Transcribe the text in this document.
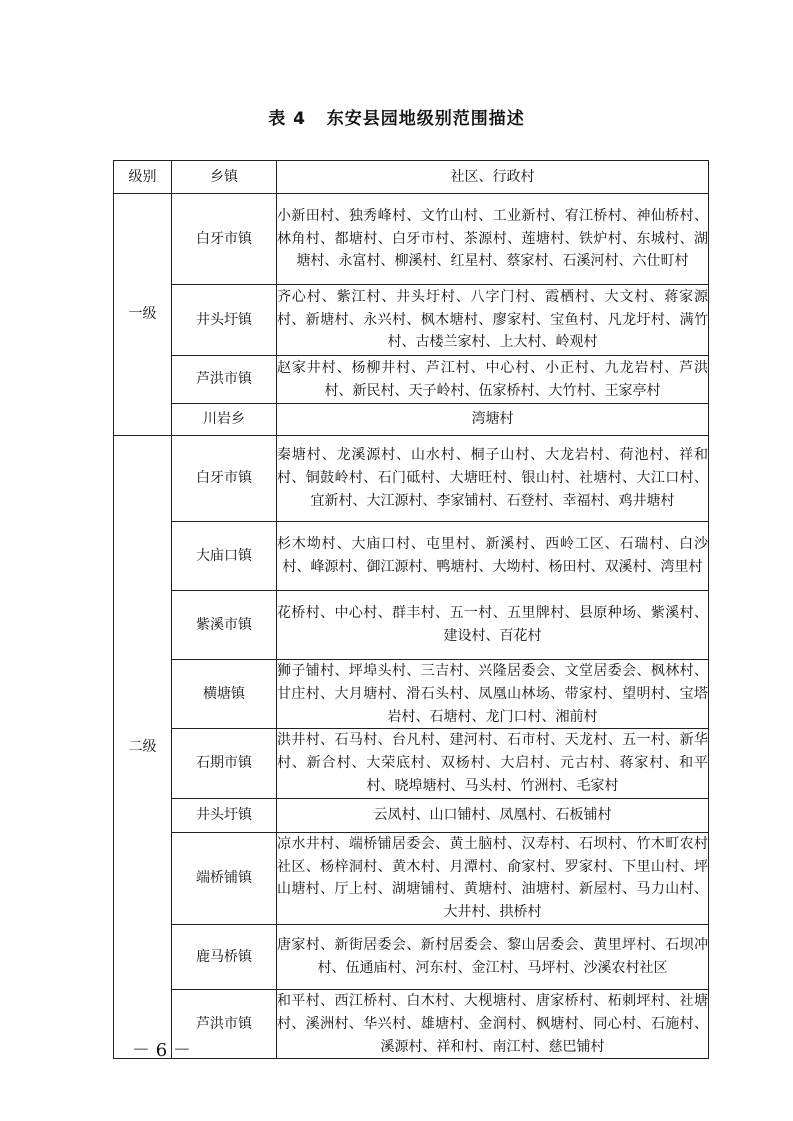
表 4   东安县园地级别范围描述
级别	乡镇	社区、行政村
一级	白牙市镇	小新田村、独秀峰村、文竹山村、工业新村、宥江桥村、神仙桥村、林角村、都塘村、白牙市村、茶源村、莲塘村、铁炉村、东城村、湖塘村、永富村、柳溪村、红星村、蔡家村、石溪河村、六仕町村
	井头圩镇	齐心村、紫江村、井头圩村、八字门村、霞栖村、大文村、蒋家源村、新塘村、永兴村、枫木塘村、廖家村、宝鱼村、凡龙圩村、满竹村、古楼兰家村、上大村、岭观村
	芦洪市镇	赵家井村、杨柳井村、芦江村、中心村、小正村、九龙岩村、芦洪村、新民村、天子岭村、伍家桥村、大竹村、王家亭村
	川岩乡	湾塘村
二级	白牙市镇	秦塘村、龙溪源村、山水村、桐子山村、大龙岩村、荷池村、祥和村、铜鼓岭村、石门砥村、大塘旺村、银山村、社塘村、大江口村、宜新村、大江源村、李家铺村、石登村、幸福村、鸡井塘村
	大庙口镇	杉木坳村、大庙口村、屯里村、新溪村、西岭工区、石瑞村、白沙村、峰源村、御江源村、鸭塘村、大坳村、杨田村、双溪村、湾里村
	紫溪市镇	花桥村、中心村、群丰村、五一村、五里牌村、县原种场、紫溪村、建设村、百花村
	横塘镇	狮子铺村、坪埠头村、三吉村、兴隆居委会、文堂居委会、枫林村、甘庄村、大月塘村、滑石头村、凤凰山林场、带家村、望明村、宝塔岩村、石塘村、龙门口村、湘前村
	石期市镇	洪井村、石马村、台凡村、建河村、石市村、天龙村、五一村、新华村、新合村、大荣底村、双杨村、大启村、元古村、蒋家村、和平村、晓埠塘村、马头村、竹洲村、毛家村
	井头圩镇	云凤村、山口铺村、凤凰村、石板铺村
	端桥铺镇	凉水井村、端桥铺居委会、黄土脑村、汉寿村、石坝村、竹木町农村社区、杨梓洞村、黄木村、月潭村、俞家村、罗家村、下里山村、坪山塘村、厅上村、湖塘铺村、黄塘村、油塘村、新屋村、马力山村、大井村、拱桥村
	鹿马桥镇	唐家村、新街居委会、新村居委会、黎山居委会、黄里坪村、石坝冲村、伍通庙村、河东村、金江村、马坪村、沙溪农村社区
	芦洪市镇	和平村、西江桥村、白木村、大枧塘村、唐家桥村、柘刺坪村、社塘村、溪洲村、华兴村、雄塘村、金润村、枫塘村、同心村、石施村、溪源村、祥和村、南江村、慈巴铺村
－ 6 －
